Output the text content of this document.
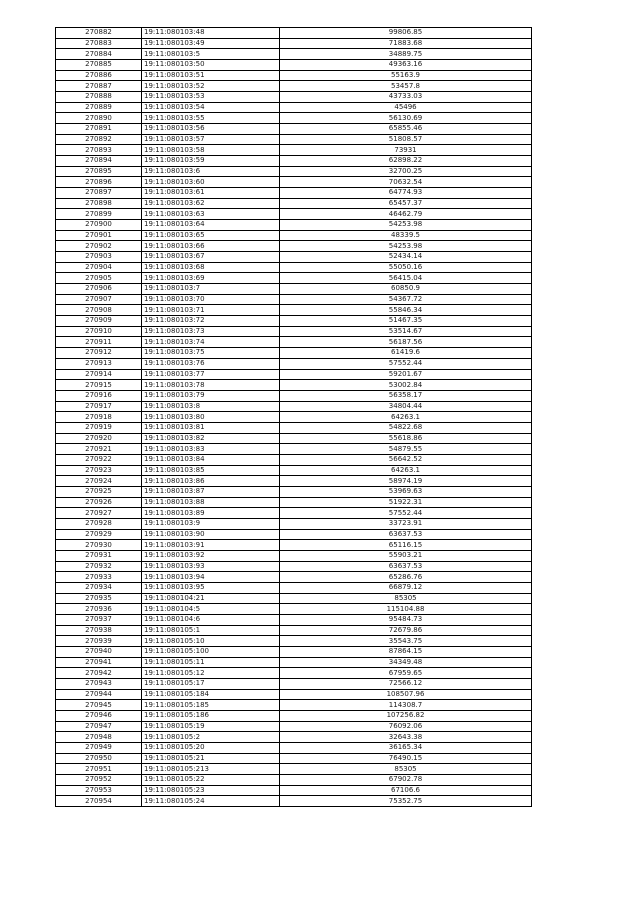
270882	19:11:080103:48	99806.85
270883	19:11:080103:49	71883.68
270884	19:11:080103:5	34889.75
270885	19:11:080103:50	49363.16
270886	19:11:080103:51	55163.9
270887	19:11:080103:52	53457.8
270888	19:11:080103:53	43733.03
270889	19:11:080103:54	45496
270890	19:11:080103:55	56130.69
270891	19:11:080103:56	65855.46
270892	19:11:080103:57	51808.57
270893	19:11:080103:58	73931
270894	19:11:080103:59	62898.22
270895	19:11:080103:6	32700.25
270896	19:11:080103:60	70632.54
270897	19:11:080103:61	64774.93
270898	19:11:080103:62	65457.37
270899	19:11:080103:63	46462.79
270900	19:11:080103:64	54253.98
270901	19:11:080103:65	48339.5
270902	19:11:080103:66	54253.98
270903	19:11:080103:67	52434.14
270904	19:11:080103:68	55050.16
270905	19:11:080103:69	56415.04
270906	19:11:080103:7	60850.9
270907	19:11:080103:70	54367.72
270908	19:11:080103:71	55846.34
270909	19:11:080103:72	51467.35
270910	19:11:080103:73	53514.67
270911	19:11:080103:74	56187.56
270912	19:11:080103:75	61419.6
270913	19:11:080103:76	57552.44
270914	19:11:080103:77	59201.67
270915	19:11:080103:78	53002.84
270916	19:11:080103:79	56358.17
270917	19:11:080103:8	34804.44
270918	19:11:080103:80	64263.1
270919	19:11:080103:81	54822.68
270920	19:11:080103:82	55618.86
270921	19:11:080103:83	54879.55
270922	19:11:080103:84	56642.52
270923	19:11:080103:85	64263.1
270924	19:11:080103:86	58974.19
270925	19:11:080103:87	53969.63
270926	19:11:080103:88	51922.31
270927	19:11:080103:89	57552.44
270928	19:11:080103:9	33723.91
270929	19:11:080103:90	63637.53
270930	19:11:080103:91	65116.15
270931	19:11:080103:92	55903.21
270932	19:11:080103:93	63637.53
270933	19:11:080103:94	65286.76
270934	19:11:080103:95	66879.12
270935	19:11:080104:21	85305
270936	19:11:080104:5	115104.88
270937	19:11:080104:6	95484.73
270938	19:11:080105:1	72679.86
270939	19:11:080105:10	35543.75
270940	19:11:080105:100	87864.15
270941	19:11:080105:11	34349.48
270942	19:11:080105:12	67959.65
270943	19:11:080105:17	72566.12
270944	19:11:080105:184	108507.96
270945	19:11:080105:185	114308.7
270946	19:11:080105:186	107256.82
270947	19:11:080105:19	76092.06
270948	19:11:080105:2	32643.38
270949	19:11:080105:20	36165.34
270950	19:11:080105:21	76490.15
270951	19:11:080105:213	85305
270952	19:11:080105:22	67902.78
270953	19:11:080105:23	67106.6
270954	19:11:080105:24	75352.75
